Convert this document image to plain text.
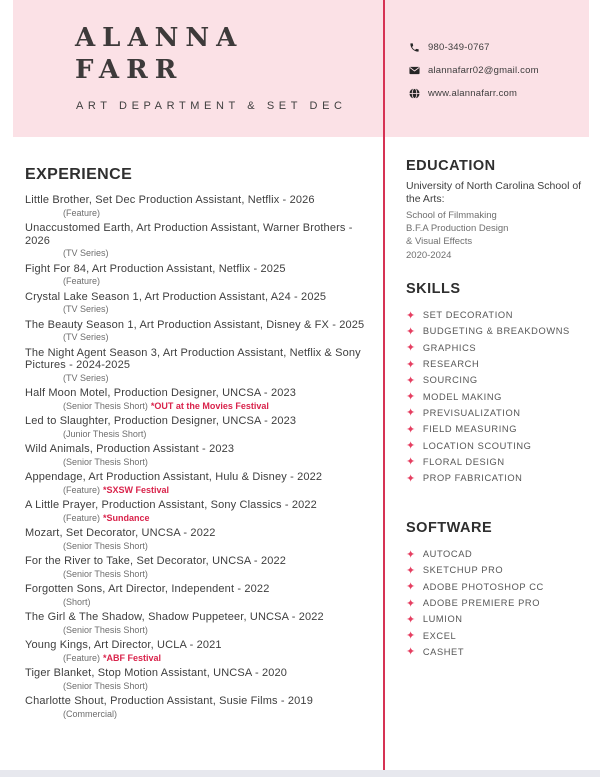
ALANNA
FARR
ART DEPARTMENT & SET DEC
980-349-0767
alannafarr02@gmail.com
www.alannafarr.com
EXPERIENCE
Little Brother, Set Dec Production Assistant, Netflix - 2026
(Feature)
Unaccustomed Earth, Art Production Assistant, Warner Brothers - 2026
(TV Series)
Fight For 84, Art Production Assistant, Netflix - 2025
(Feature)
Crystal Lake Season 1, Art Production Assistant, A24 - 2025
(TV Series)
The Beauty Season 1, Art Production Assistant, Disney & FX - 2025
(TV Series)
The Night Agent Season 3, Art Production Assistant, Netflix & Sony Pictures - 2024-2025
(TV Series)
Half Moon Motel, Production Designer, UNCSA - 2023
(Senior Thesis Short) *OUT at the Movies Festival
Led to Slaughter, Production Designer, UNCSA - 2023
(Junior Thesis Short)
Wild Animals, Production Assistant - 2023
(Senior Thesis Short)
Appendage, Art Production Assistant, Hulu & Disney - 2022
(Feature) *SXSW Festival
A Little Prayer, Production Assistant, Sony Classics - 2022
(Feature) *Sundance
Mozart, Set Decorator, UNCSA - 2022
(Senior Thesis Short)
For the River to Take, Set Decorator, UNCSA - 2022
(Senior Thesis Short)
Forgotten Sons, Art Director, Independent - 2022
(Short)
The Girl & The Shadow, Shadow Puppeteer, UNCSA - 2022
(Senior Thesis Short)
Young Kings, Art Director, UCLA - 2021
(Feature) *ABF Festival
Tiger Blanket, Stop Motion Assistant, UNCSA - 2020
(Senior Thesis Short)
Charlotte Shout, Production Assistant, Susie Films - 2019
(Commercial)
EDUCATION
University of North Carolina School of the Arts:
School of Filmmaking
B.F.A Production Design
& Visual Effects
2020-2024
SKILLS
✦ SET DECORATION
✦ BUDGETING & BREAKDOWNS
✦ GRAPHICS
✦ RESEARCH
✦ SOURCING
✦ MODEL MAKING
✦ PREVISUALIZATION
✦ FIELD MEASURING
✦ LOCATION SCOUTING
✦ FLORAL DESIGN
✦ PROP FABRICATION
SOFTWARE
✦ AUTOCAD
✦ SKETCHUP PRO
✦ ADOBE PHOTOSHOP CC
✦ ADOBE PREMIERE PRO
✦ LUMION
✦ EXCEL
✦ CASHET
